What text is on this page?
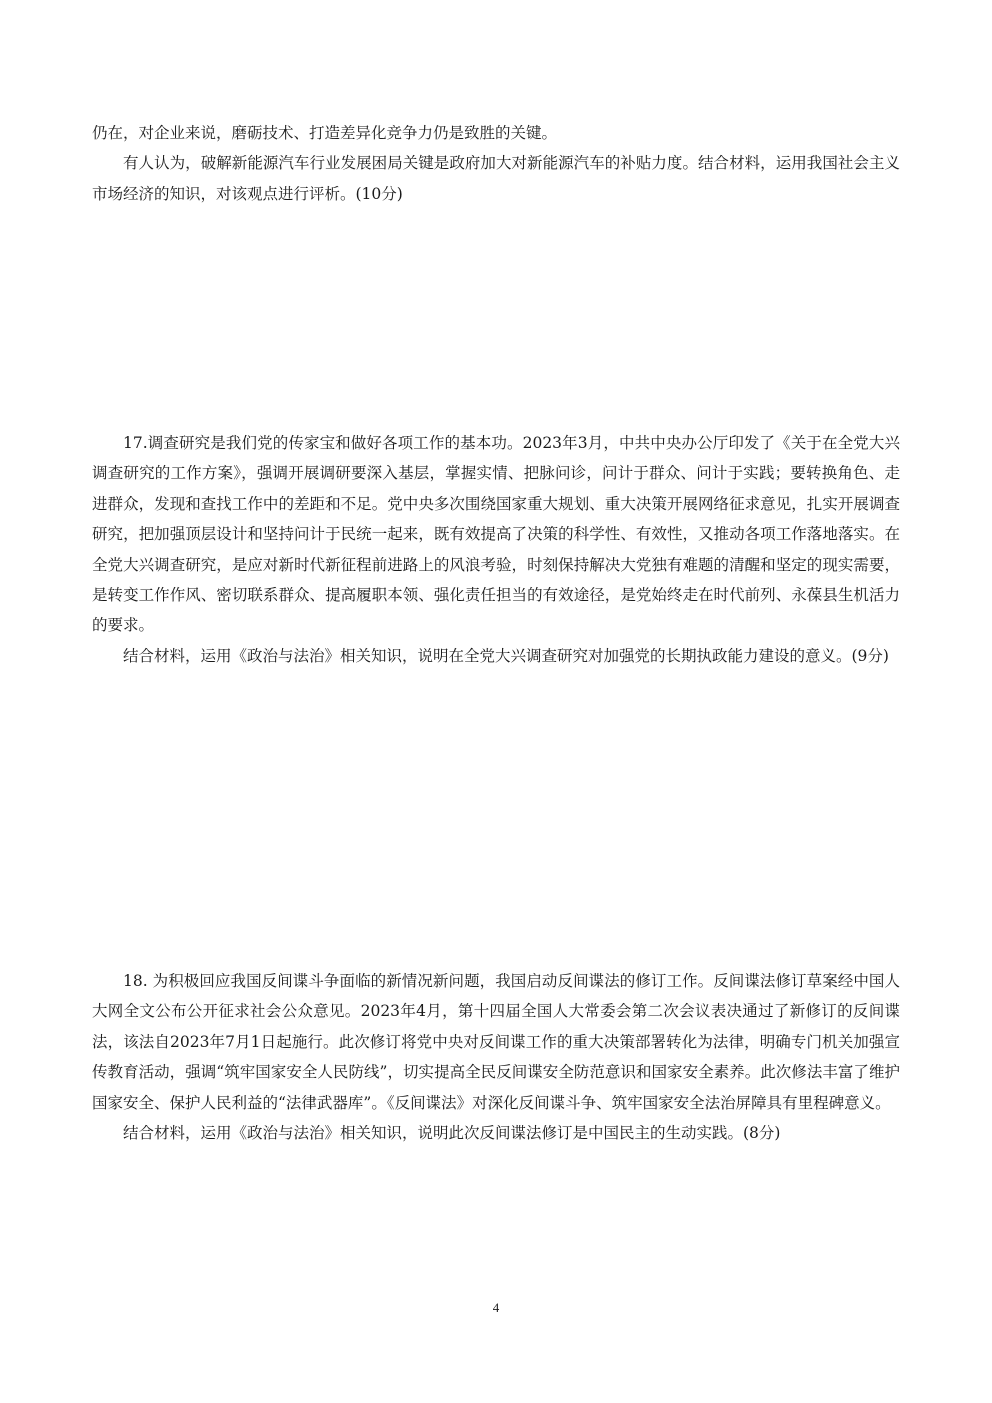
仍在，对企业来说，磨砺技术、打造差异化竞争力仍是致胜的关键。

有人认为，破解新能源汽车行业发展困局关键是政府加大对新能源汽车的补贴力度。结合材料，运用我国社会主义市场经济的知识，对该观点进行评析。(10分)

17.调查研究是我们党的传家宝和做好各项工作的基本功。2023年3月，中共中央办公厅印发了《关于在全党大兴调查研究的工作方案》，强调开展调研要深入基层，掌握实情、把脉问诊，问计于群众、问计于实践；要转换角色、走进群众，发现和查找工作中的差距和不足。党中央多次围绕国家重大规划、重大决策开展网络征求意见，扎实开展调查研究，把加强顶层设计和坚持问计于民统一起来，既有效提高了决策的科学性、有效性，又推动各项工作落地落实。在全党大兴调查研究，是应对新时代新征程前进路上的风浪考验，时刻保持解决大党独有难题的清醒和坚定的现实需要，是转变工作作风、密切联系群众、提高履职本领、强化责任担当的有效途径，是党始终走在时代前列、永葆县生机活力的要求。

结合材料，运用《政治与法治》相关知识，说明在全党大兴调查研究对加强党的长期执政能力建设的意义。(9分)

18. 为积极回应我国反间谍斗争面临的新情况新问题，我国启动反间谍法的修订工作。反间谍法修订草案经中国人大网全文公布公开征求社会公众意见。2023年4月，第十四届全国人大常委会第二次会议表决通过了新修订的反间谍法，该法自2023年7月1日起施行。此次修订将党中央对反间谍工作的重大决策部署转化为法律，明确专门机关加强宣传教育活动，强调“筑牢国家安全人民防线”，切实提高全民反间谍安全防范意识和国家安全素养。此次修法丰富了维护国家安全、保护人民利益的“法律武器库”。《反间谍法》对深化反间谍斗争、筑牢国家安全法治屏障具有里程碑意义。

结合材料，运用《政治与法治》相关知识，说明此次反间谍法修订是中国民主的生动实践。(8分)

4
